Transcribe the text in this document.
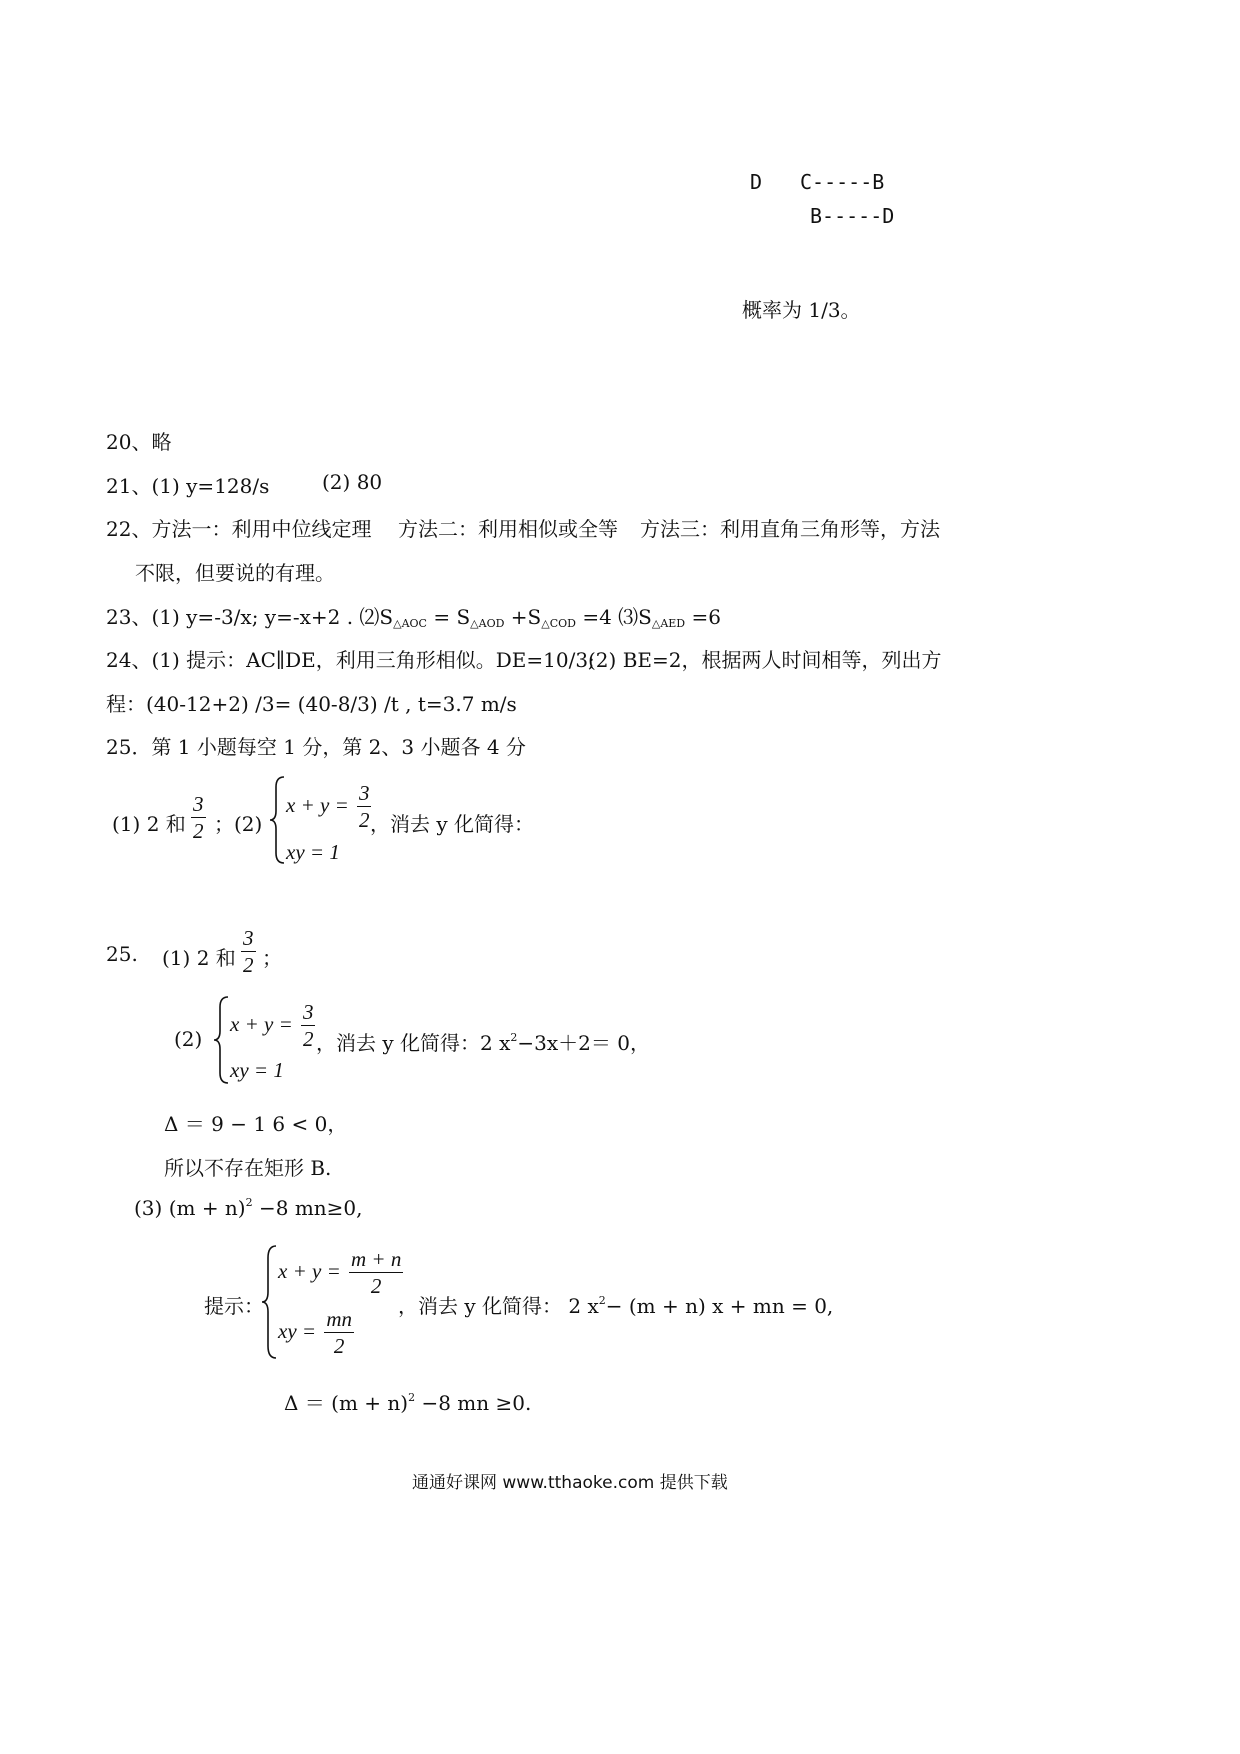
D C-----B
B-----D
概率为 1/3。
20、略
21、(1) y=128/s	(2) 80
22、方法一：利用中位线定理 方法二：利用相似或全等 方法三：利用直角三角形等，方法
不限，但要说的有理。
23、(1) y=-3/x; y=-x+2 . $⑵S_{\triangle AOC} = S_{\triangle AOD} +S_{\triangle COD} =4$ $⑶S_{\triangle AED} =6$
24、(1) 提示：AC∥DE，利用三角形相似。DE=10/3;
(2) BE=2，根据两人时间相等，列出方
程：(40-12+2) /3= (40-8/3) /t , t=3.7 m/s
25．第 1 小题每空 1 分，第 2、3 小题各 4 分
(1) 2 和 $\frac{3}{2}$ ；(2)
$x + y = \frac{3}{2}$
xy = 1
，消去 y 化简得：
25. (1) 2 和 $\frac{3}{2}$ ；
(2)
$x + y = \frac{3}{2}$
xy = 1
，消去 y 化简得：2 $x^2-3x+2= 0$，
Δ ＝ 9 − 1 6 < 0，
所以不存在矩形 B.
(3) $(m + n)^2 -8$ mn≥0,
提示：
$x + y = \frac{m + n}{2}$
xy = $\frac{mn}{2}$
，消去 y 化简得： 2 $x^2- (m + n) x$ + mn = 0,
$\Delta = (m + n)^2 -8$ mn ≥0.
通通好课网 www.tthaoke.com 提供下载
